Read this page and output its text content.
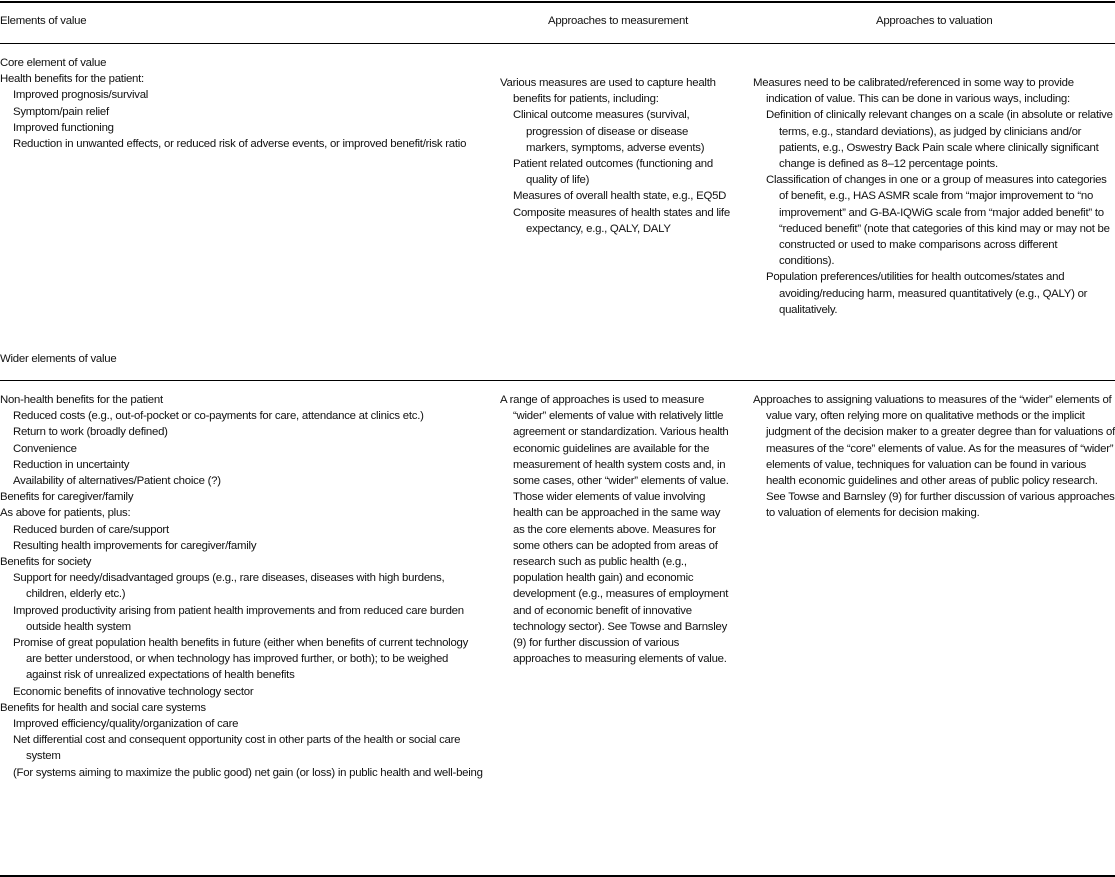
Elements of value	Approaches to measurement	Approaches to valuation
Core element of value
Health benefits for the patient:
Improved prognosis/survival
Symptom/pain relief
Improved functioning
Reduction in unwanted effects, or reduced risk of adverse events, or improved benefit/risk ratio
Various measures are used to capture health benefits for patients, including:
Clinical outcome measures (survival, progression of disease or disease markers, symptoms, adverse events)
Patient related outcomes (functioning and quality of life)
Measures of overall health state, e.g., EQ5D
Composite measures of health states and life expectancy, e.g., QALY, DALY
Measures need to be calibrated/referenced in some way to provide indication of value. This can be done in various ways, including:
Definition of clinically relevant changes on a scale (in absolute or relative terms, e.g., standard deviations), as judged by clinicians and/or patients, e.g., Oswestry Back Pain scale where clinically significant change is defined as 8–12 percentage points.
Classification of changes in one or a group of measures into categories of benefit, e.g., HAS ASMR scale from “major improvement to “no improvement” and G-BA-IQWiG scale from “major added benefit” to “reduced benefit” (note that categories of this kind may or may not be constructed or used to make comparisons across different conditions).
Population preferences/utilities for health outcomes/states and avoiding/reducing harm, measured quantitatively (e.g., QALY) or qualitatively.
Wider elements of value
Non-health benefits for the patient
Reduced costs (e.g., out-of-pocket or co-payments for care, attendance at clinics etc.)
Return to work (broadly defined)
Convenience
Reduction in uncertainty
Availability of alternatives/Patient choice (?)
Benefits for caregiver/family
As above for patients, plus:
Reduced burden of care/support
Resulting health improvements for caregiver/family
Benefits for society
Support for needy/disadvantaged groups (e.g., rare diseases, diseases with high burdens, children, elderly etc.)
Improved productivity arising from patient health improvements and from reduced care burden outside health system
Promise of great population health benefits in future (either when benefits of current technology are better understood, or when technology has improved further, or both); to be weighed against risk of unrealized expectations of health benefits
Economic benefits of innovative technology sector
Benefits for health and social care systems
Improved efficiency/quality/organization of care
Net differential cost and consequent opportunity cost in other parts of the health or social care system
(For systems aiming to maximize the public good) net gain (or loss) in public health and well-being
A range of approaches is used to measure “wider” elements of value with relatively little agreement or standardization. Various health economic guidelines are available for the measurement of health system costs and, in some cases, other “wider” elements of value. Those wider elements of value involving health can be approached in the same way as the core elements above. Measures for some others can be adopted from areas of research such as public health (e.g., population health gain) and economic development (e.g., measures of employment and of economic benefit of innovative technology sector). See Towse and Barnsley (9) for further discussion of various approaches to measuring elements of value.
Approaches to assigning valuations to measures of the “wider” elements of value vary, often relying more on qualitative methods or the implicit judgment of the decision maker to a greater degree than for valuations of measures of the “core” elements of value. As for the measures of “wider” elements of value, techniques for valuation can be found in various health economic guidelines and other areas of public policy research. See Towse and Barnsley (9) for further discussion of various approaches to valuation of elements for decision making.
